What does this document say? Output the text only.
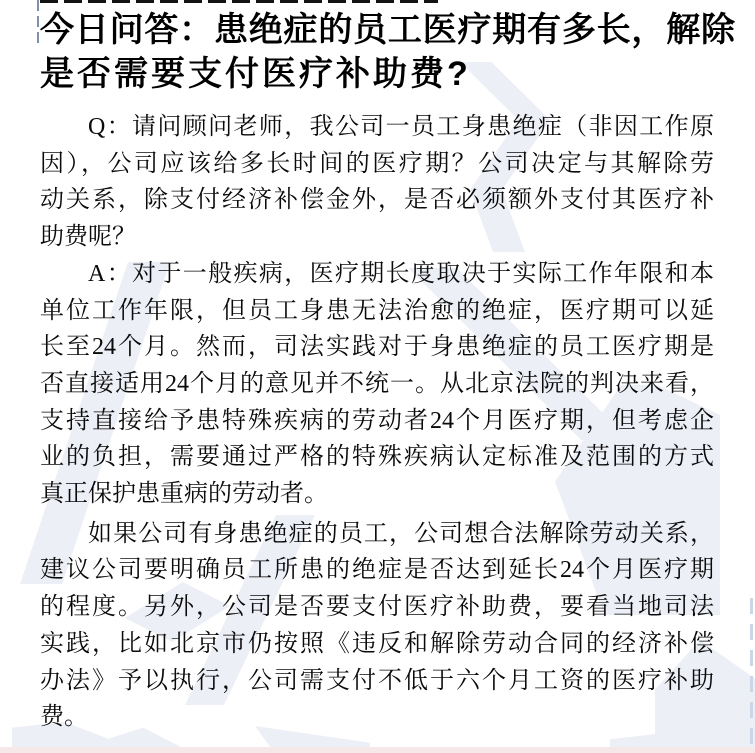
今日问答：患绝症的员工医疗期有多长，解除
是否需要支付医疗补助费?
Q：请问顾问老师，我公司一员工身患绝症（非因工作原
因），公司应该给多长时间的医疗期？公司决定与其解除劳
动关系，除支付经济补偿金外，是否必须额外支付其医疗补
助费呢？
A：对于一般疾病，医疗期长度取决于实际工作年限和本
单位工作年限，但员工身患无法治愈的绝症，医疗期可以延
长至24个月。然而，司法实践对于身患绝症的员工医疗期是
否直接适用24个月的意见并不统一。从北京法院的判决来看，
支持直接给予患特殊疾病的劳动者24个月医疗期，但考虑企
业的负担，需要通过严格的特殊疾病认定标准及范围的方式
真正保护患重病的劳动者。
如果公司有身患绝症的员工，公司想合法解除劳动关系，
建议公司要明确员工所患的绝症是否达到延长24个月医疗期
的程度。另外，公司是否要支付医疗补助费，要看当地司法
实践，比如北京市仍按照《违反和解除劳动合同的经济补偿
办法》予以执行，公司需支付不低于六个月工资的医疗补助
费。
